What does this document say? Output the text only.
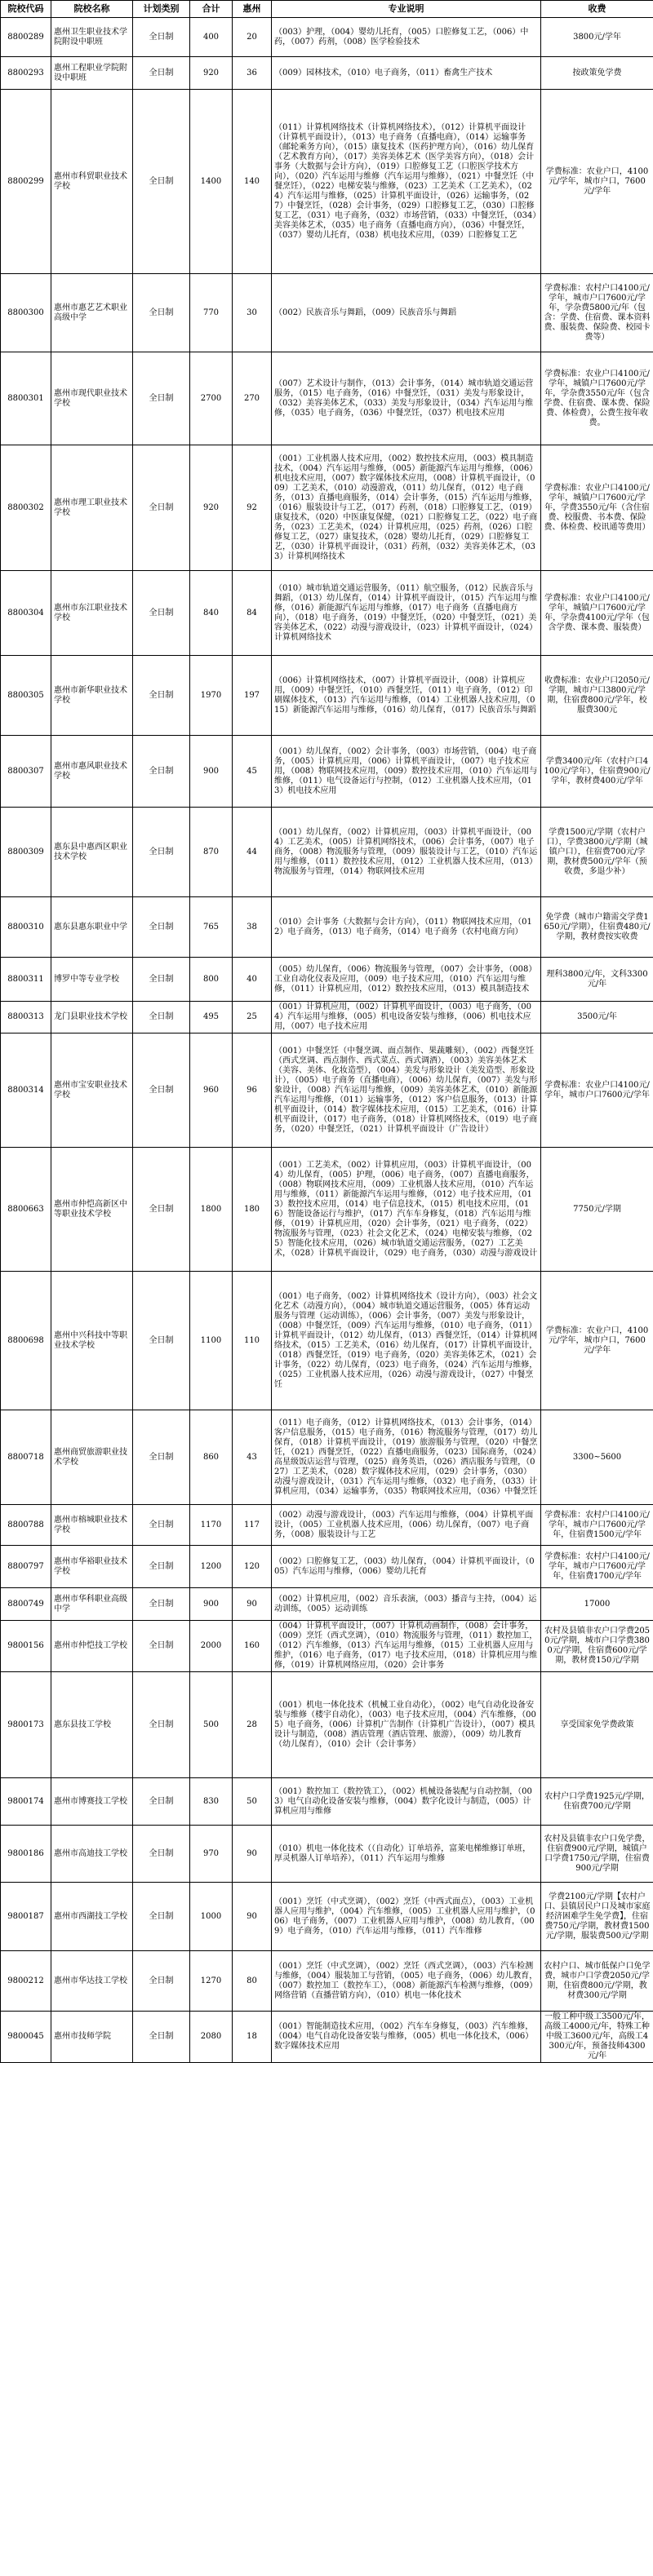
院校代码	院校名称	计划类别	合计	惠州	专业说明	收费
8800289	惠州卫生职业技术学院附设中职班	全日制	400	20	（003）护理，（004）婴幼儿托育，（005）口腔修复工艺，（006）中药，（007）药剂，（008）医学检验技术	3800元/学年
8800293	惠州工程职业学院附设中职班	全日制	920	36	（009）园林技术，（010）电子商务，（011）畜禽生产技术	按政策免学费
8800299	惠州市科贸职业技术学校	全日制	1400	140	（011）计算机网络技术（计算机网络技术），（012）计算机平面设计（计算机平面设计），（013）电子商务（直播电商），（014）运输事务（邮轮乘务方向），（015）康复技术（医药护理方向），（016）幼儿保育（艺术教育方向），（017）美容美体艺术（医学美容方向），（018）会计事务（大数据与会计方向），（019）口腔修复工艺（口腔医学技术方向），（020）汽车运用与维修（汽车运用与维修），（021）中餐烹饪（中餐烹饪），（022）电梯安装与维修，（023）工艺美术（工艺美术），（024）汽车运用与维修，（025）计算机平面设计，（026）运输事务，（027）中餐烹饪，（028）会计事务，（029）口腔修复工艺，（030）口腔修复工艺，（031）电子商务，（032）市场营销，（033）中餐烹饪，（034）美容美体艺术，（035）电子商务（直播电商方向），（036）中餐烹饪，（037）婴幼儿托育，（038）机电技术应用，（039）口腔修复工艺	学费标准：农业户口，4100元/学年，城市户口，7600元/学年
8800300	惠州市惠艺艺术职业高级中学	全日制	770	30	（002）民族音乐与舞蹈，（009）民族音乐与舞蹈	学费标准：农村户口4100元/学年，城市户口7600元/学年，学杂费5800元/年（包含：学费、住宿费、课本资料费、服装费、保险费、校园卡费等）
8800301	惠州市现代职业技术学校	全日制	2700	270	（007）艺术设计与制作，（013）会计事务，（014）城市轨道交通运营服务，（015）电子商务，（016）中餐烹饪，（031）美发与形象设计，（032）美容美体艺术，（033）美发与形象设计，（034）汽车运用与维修，（035）电子商务，（036）中餐烹饪，（037）机电技术应用	学费标准：农业户口4100元/学年，城镇户口7600元/学年，学杂费3550元/年（包含学费、住宿费、课本费、保险费、体检费），公费生按年收费。
8800302	惠州市理工职业技术学校	全日制	920	92	（001）工业机器人技术应用，（002）数控技术应用，（003）模具制造技术，（004）汽车运用与维修，（005）新能源汽车运用与维修，（006）机电技术应用，（007）数字媒体技术应用，（008）计算机平面设计，（009）工艺美术，（010）动漫游戏，（011）幼儿保育，（012）电子商务，（013）直播电商服务，（014）会计事务，（015）汽车运用与维修，（016）服装设计与工艺，（017）药剂，（018）口腔修复工艺，（019）康复技术，（020）中医康复保健，（021）口腔修复工艺，（022）电子商务，（023）工艺美术，（024）计算机应用，（025）药剂，（026）口腔修复工艺，（027）康复技术，（028）婴幼儿托育，（029）口腔修复工艺，（030）计算机平面设计，（031）药剂，（032）美容美体艺术，（033）计算机网络技术	学费标准：农业户口4100元/学年，城镇户口7600元/学年，学费3550元/年（含住宿费、校服费、书本费、保险费、体检费、校讯通等费用）
8800304	惠州市东江职业技术学校	全日制	840	84	（010）城市轨道交通运营服务，（011）航空服务，（012）民族音乐与舞蹈，（013）幼儿保育，（014）计算机平面设计，（015）汽车运用与维修，（016）新能源汽车运用与维修，（017）电子商务（直播电商方向），（018）电子商务，（019）中餐烹饪，（020）中餐烹饪，（021）美容美体艺术，（022）动漫与游戏设计，（023）计算机平面设计，（024）计算机网络技术	学费标准：农业户口4100元/学年，城镇户口7600元/学年，学杂费4100元/学年（包含学费、课本费、服装费）
8800305	惠州市新华职业技术学校	全日制	1970	197	（006）计算机网络技术，（007）计算机平面设计，（008）计算机应用，（009）中餐烹饪，（010）西餐烹饪，（011）电子商务，（012）印刷媒体技术，（013）汽车运用与维修，（014）工业机器人技术应用，（015）新能源汽车运用与维修，（016）幼儿保育，（017）民族音乐与舞蹈	收费标准：农业户口2050元/学期，城市户口3800元/学期，住宿费800元/学年，校服费300元
8800307	惠州市惠风职业技术学校	全日制	900	45	（001）幼儿保育，（002）会计事务，（003）市场营销，（004）电子商务，（005）计算机应用，（006）计算机平面设计，（007）电子技术应用，（008）物联网技术应用，（009）数控技术应用，（010）汽车运用与维修，（011）电气设备运行与控制，（012）工业机器人技术应用，（013）机电技术应用	学费3400元/年（农村户口4100元/学年），住宿费900元/学年，教材费400元/学年
8800309	惠东县中惠西区职业技术学校	全日制	870	44	（001）幼儿保育，（002）计算机应用，（003）计算机平面设计，（004）工艺美术，（005）计算机网络技术，（006）会计事务，（007）电子商务，（008）物流服务与管理，（009）服装设计与工艺，（010）汽车运用与维修，（011）数控技术应用，（012）工业机器人技术应用，（013）物流服务与管理，（014）物联网技术应用	学费1500元/学期（农村户口），学费3800元/学期（城镇户口），住宿费700元/学期，教材费500元/学年（预收费，多退少补）
8800310	惠东县惠东职业中学	全日制	765	38	（010）会计事务（大数据与会计方向），（011）物联网技术应用，（012）电子商务，（013）电子商务，（014）电子商务（农村电商方向）	免学费（城市户籍需交学费1650元/学期），住宿费480元/学期，教材费按实收费
8800311	博罗中等专业学校	全日制	800	40	（005）幼儿保育，（006）物流服务与管理，（007）会计事务，（008）工业自动化仪表及应用，（009）电子技术应用，（010）汽车运用与维修，（011）计算机应用，（012）数控技术应用，（013）模具制造技术	理科3800元/年，文科3300元/年
8800313	龙门县职业技术学校	全日制	495	25	（001）计算机应用，（002）计算机平面设计，（003）电子商务，（004）汽车运用与维修，（005）机电设备安装与维修，（006）机电技术应用，（007）电子技术应用	3500元/年
8800314	惠州市宝安职业技术学校	全日制	960	96	（001）中餐烹饪（中餐烹调、面点制作、果蔬雕刻），（002）西餐烹饪（西式烹调、西点制作、西式菜点、西式调酒），（003）美容美体艺术（美容、美体、化妆造型），（004）美发与形象设计（美发造型、形象设计），（005）电子商务（直播电商），（006）幼儿保育，（007）美发与形象设计，（008）汽车运用与维修，（009）美容美体艺术，（010）新能源汽车运用与维修，（011）运输事务，（012）客户信息服务，（013）计算机平面设计，（014）数字媒体技术应用，（015）工艺美术，（016）计算机平面设计，（017）电子商务，（018）计算机网络技术，（019）电子商务，（020）中餐烹饪，（021）计算机平面设计（广告设计）	学费标准：农业户口4100元/学年，城市户口7600元/学年
8800663	惠州市仲恺高新区中等职业技术学校	全日制	1800	180	（001）工艺美术，（002）计算机应用，（003）计算机平面设计，（004）幼儿保育，（005）护理，（006）电子商务，（007）直播电商服务，（008）物联网技术应用，（009）工业机器人技术应用，（010）汽车运用与维修，（011）新能源汽车运用与维修，（012）电子技术应用，（013）数控技术应用，（014）电子信息技术，（015）机电技术应用，（016）智能设备运行与维护，（017）汽车车身修复，（018）汽车运用与维修，（019）计算机应用，（020）会计事务，（021）电子商务，（022）物流服务与管理，（023）社会文化艺术，（024）电梯安装与维修，（025）智能化技术应用，（026）城市轨道交通运营服务，（027）工艺美术，（028）计算机平面设计，（029）电子商务，（030）动漫与游戏设计	7750元/学期
8800698	惠州中兴科技中等职业技术学校	全日制	1100	110	（001）电子商务，（002）计算机网络技术（设计方向），（003）社会文化艺术（动漫方向），（004）城市轨道交通运营服务，（005）体育运动服务与管理（运动训练），（006）会计事务，（007）美发与形象设计，（008）中餐烹饪，（009）汽车运用与维修，（010）电子商务，（011）计算机平面设计，（012）幼儿保育，（013）西餐烹饪，（014）计算机网络技术，（015）工艺美术，（016）幼儿保育，（017）计算机平面设计，（018）西餐烹饪，（019）电子商务，（020）美容美体艺术，（021）会计事务，（022）幼儿保育，（023）电子商务，（024）汽车运用与维修，（025）工业机器人技术应用，（026）动漫与游戏设计，（027）中餐烹饪	学费标准：农业户口，4100元/学年，城市户口，7600元/学年
8800718	惠州商贸旅游职业技术学校	全日制	860	43	（011）电子商务，（012）计算机网络技术，（013）会计事务，（014）客户信息服务，（015）电子商务，（016）物流服务与管理，（017）幼儿保育，（018）计算机平面设计，（019）旅游服务与管理，（020）中餐烹饪，（021）西餐烹饪，（022）直播电商服务，（023）国际商务，（024）高星级饭店运营与管理，（025）商务英语，（026）酒店服务与管理，（027）工艺美术，（028）数字媒体技术应用，（029）会计事务，（030）动漫与游戏设计，（031）汽车运用与维修，（032）电子商务，（033）计算机应用，（034）运输事务，（035）物联网技术应用，（036）中餐烹饪	3300~5600
8800788	惠州市榕城职业技术学校	全日制	1170	117	（002）动漫与游戏设计，（003）汽车运用与维修，（004）计算机平面设计，（005）工业机器人技术应用，（006）幼儿保育，（007）电子商务，（008）服装设计与工艺	学费标准：农村户口4100元/学年，城市户口7600元/学年，住宿费1500元/学年
8800797	惠州市华裕职业技术学校	全日制	1200	120	（002）口腔修复工艺，（003）幼儿保育，（004）计算机平面设计，（005）汽车运用与维修，（006）婴幼儿托育	学费标准：农村户口4100元/学年，城市户口7600元/学年，住宿费1700元/学年
8800749	惠州市华科职业高级中学	全日制	900	90	（002）计算机应用，（002）音乐表演，（003）播音与主持，（004）运动训练，（005）运动训练	17000
9800156	惠州市仲恺技工学校	全日制	2000	160	（004）计算机平面设计，（007）计算机动画制作，（008）会计事务，（009）烹饪（西式烹调），（010）物流服务与管理，（011）数控加工，（012）汽车维修，（013）汽车运用与维修，（015）工业机器人应用与维护，（016）电子商务，（017）电子技术应用，（018）计算机应用与维修，（019）计算机网络应用，（020）会计事务	农村及县镇非农户口学费2050元/学期，城市户口学费3800元/学期，住宿费600元/学期，教材费150元/学期
9800173	惠东县技工学校	全日制	500	28	（001）机电一体化技术（机械工业自动化），（002）电气自动化设备安装与维修（楼宇自动化），（003）电子技术应用，（004）汽车维修，（005）电子商务，（006）计算机广告制作（计算机广告设计），（007）模具设计与制造，（008）酒店管理（酒店管理、旅游），（009）幼儿教育（幼儿保育），（010）会计（会计事务）	享受国家免学费政策
9800174	惠州市博赛技工学校	全日制	830	50	（001）数控加工（数控铣工），（002）机械设备装配与自动控制，（003）电气自动化设备安装与维修，（004）数字化设计与制造，（005）计算机应用与维修	农村户口学费1925元/学期，住宿费700元/学期
9800186	惠州市高迪技工学校	全日制	970	90	（010）机电一体化技术（（自动化）订单培养，富莱电梯维修订单班，厚灵机器人订单培养），（011）汽车运用与维修	农村及县镇非农户口免学费，住宿费900元/学期，城镇户口学费1750元/学期，住宿费900元/学期
9800187	惠州市西湖技工学校	全日制	1000	90	（001）烹饪（中式烹调），（002）烹饪（中西式面点），（003）工业机器人应用与维护，（004）汽车维修，（005）工业机器人应用与维护，（006）电子商务，（007）工业机器人应用与维护，（008）幼儿教育，（009）电子商务，（010）汽车运用与维修，（011）汽车维修	学费2100元/学期【农村户口、县镇居民户口及城市家庭经济困难学生免学费】，住宿费750元/学期，教材费1500元/学期，服装费500元/学期
9800212	惠州市华达技工学校	全日制	1270	80	（001）烹饪（中式烹调），（002）烹饪（西式烹调），（003）汽车检测与维修，（004）服装加工与营销，（005）电子商务，（006）幼儿教育，（007）数控加工（数控车工），（008）新能源汽车检测与维修，（009）网络营销（直播营销方向），（010）机电一体化技术	农村户口、城市低保户口免学费，城市户口学费2050元/学期，住宿费800元/学期，教材费300元/学期
9800045	惠州市技师学院	全日制	2080	18	（001）智能制造技术应用，（002）汽车车身修复，（003）汽车维修，（004）电气自动化设备安装与维修，（005）机电一体化技术，（006）数字媒体技术应用	一般工种中级工3500元/年，高级工4000元/年，特殊工种中级工3600元/年，高级工4300元/年，预备技师4300元/年
